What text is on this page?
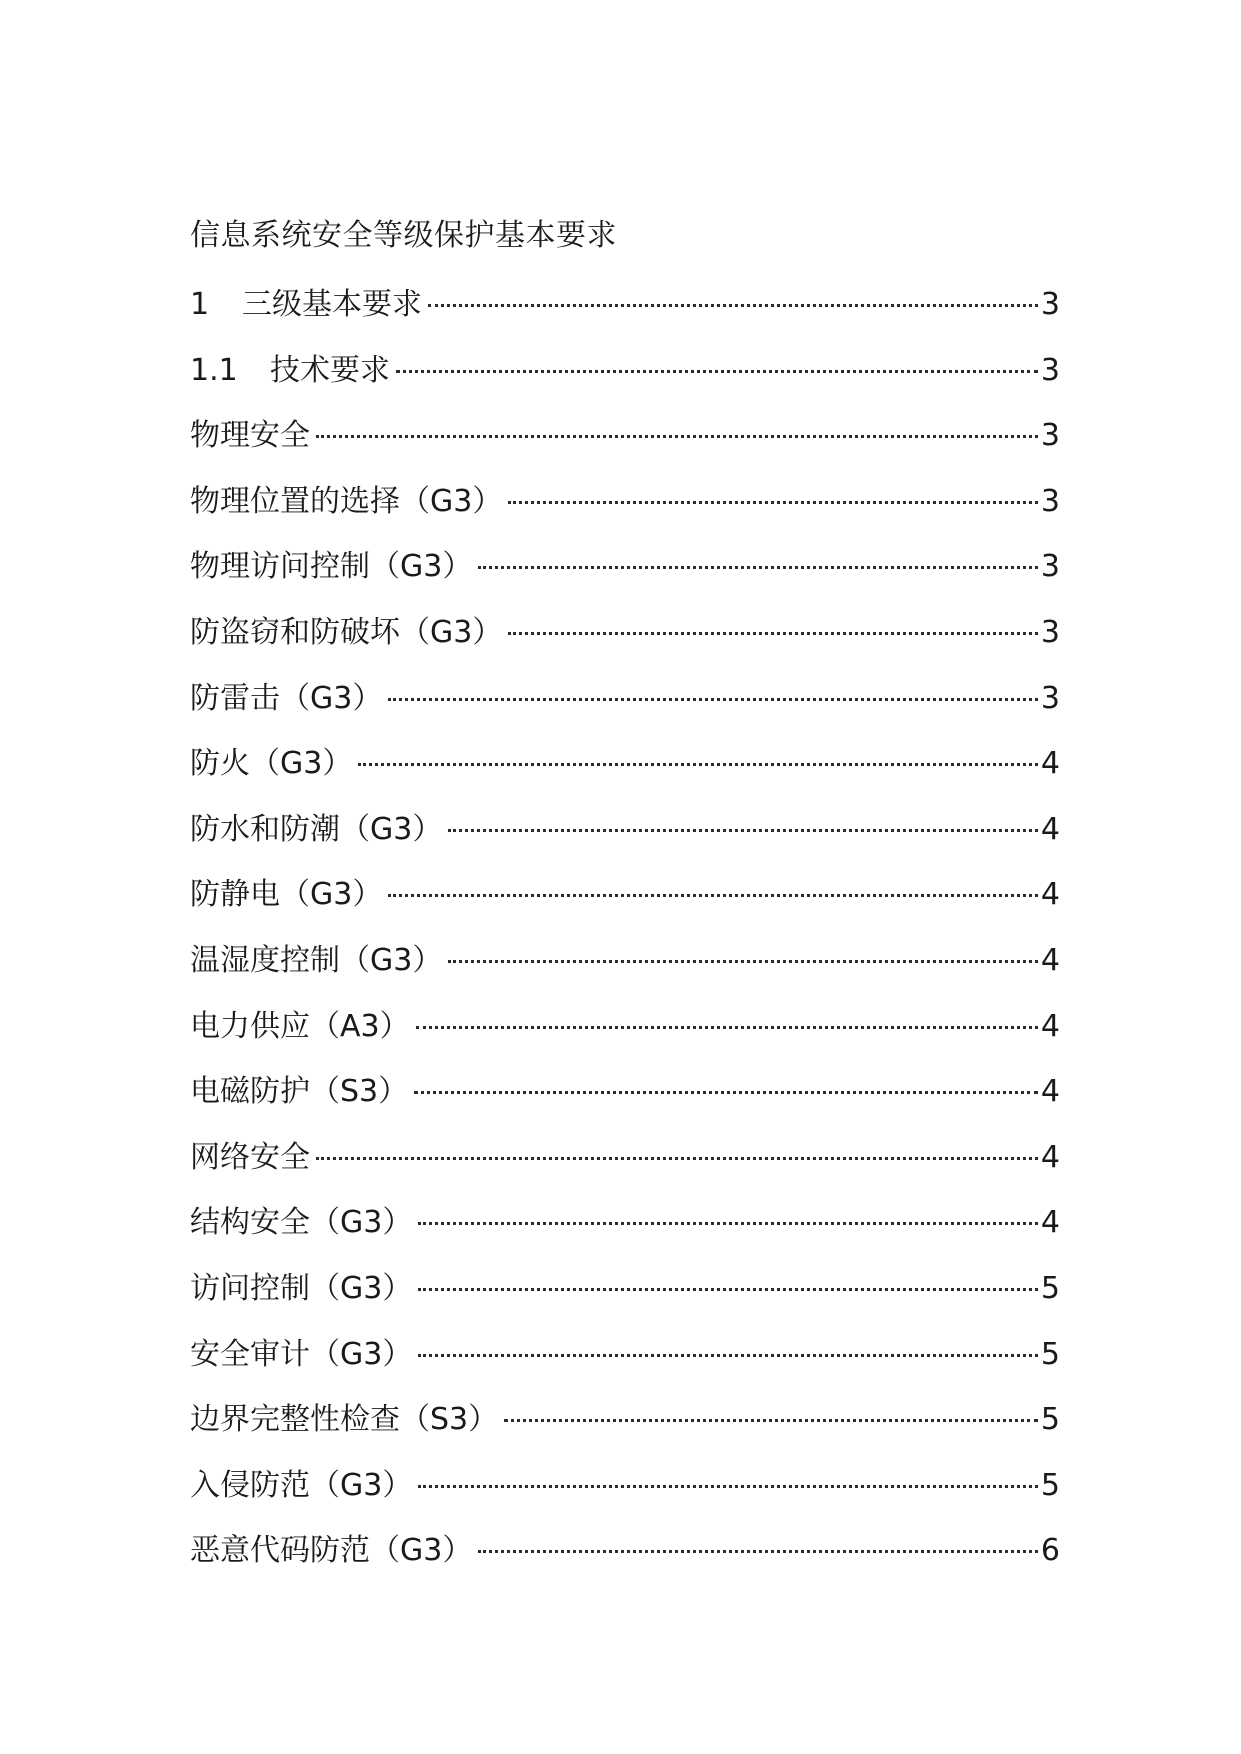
信息系统安全等级保护基本要求
1	三级基本要求	3
1.1	技术要求	3
物理安全	3
物理位置的选择（G3）	3
物理访问控制（G3）	3
防盗窃和防破坏（G3）	3
防雷击（G3）	3
防火（G3）	4
防水和防潮（G3）	4
防静电（G3）	4
温湿度控制（G3）	4
电力供应（A3）	4
电磁防护（S3）	4
网络安全	4
结构安全（G3）	4
访问控制（G3）	5
安全审计（G3）	5
边界完整性检查（S3）	5
入侵防范（G3）	5
恶意代码防范（G3）	6
